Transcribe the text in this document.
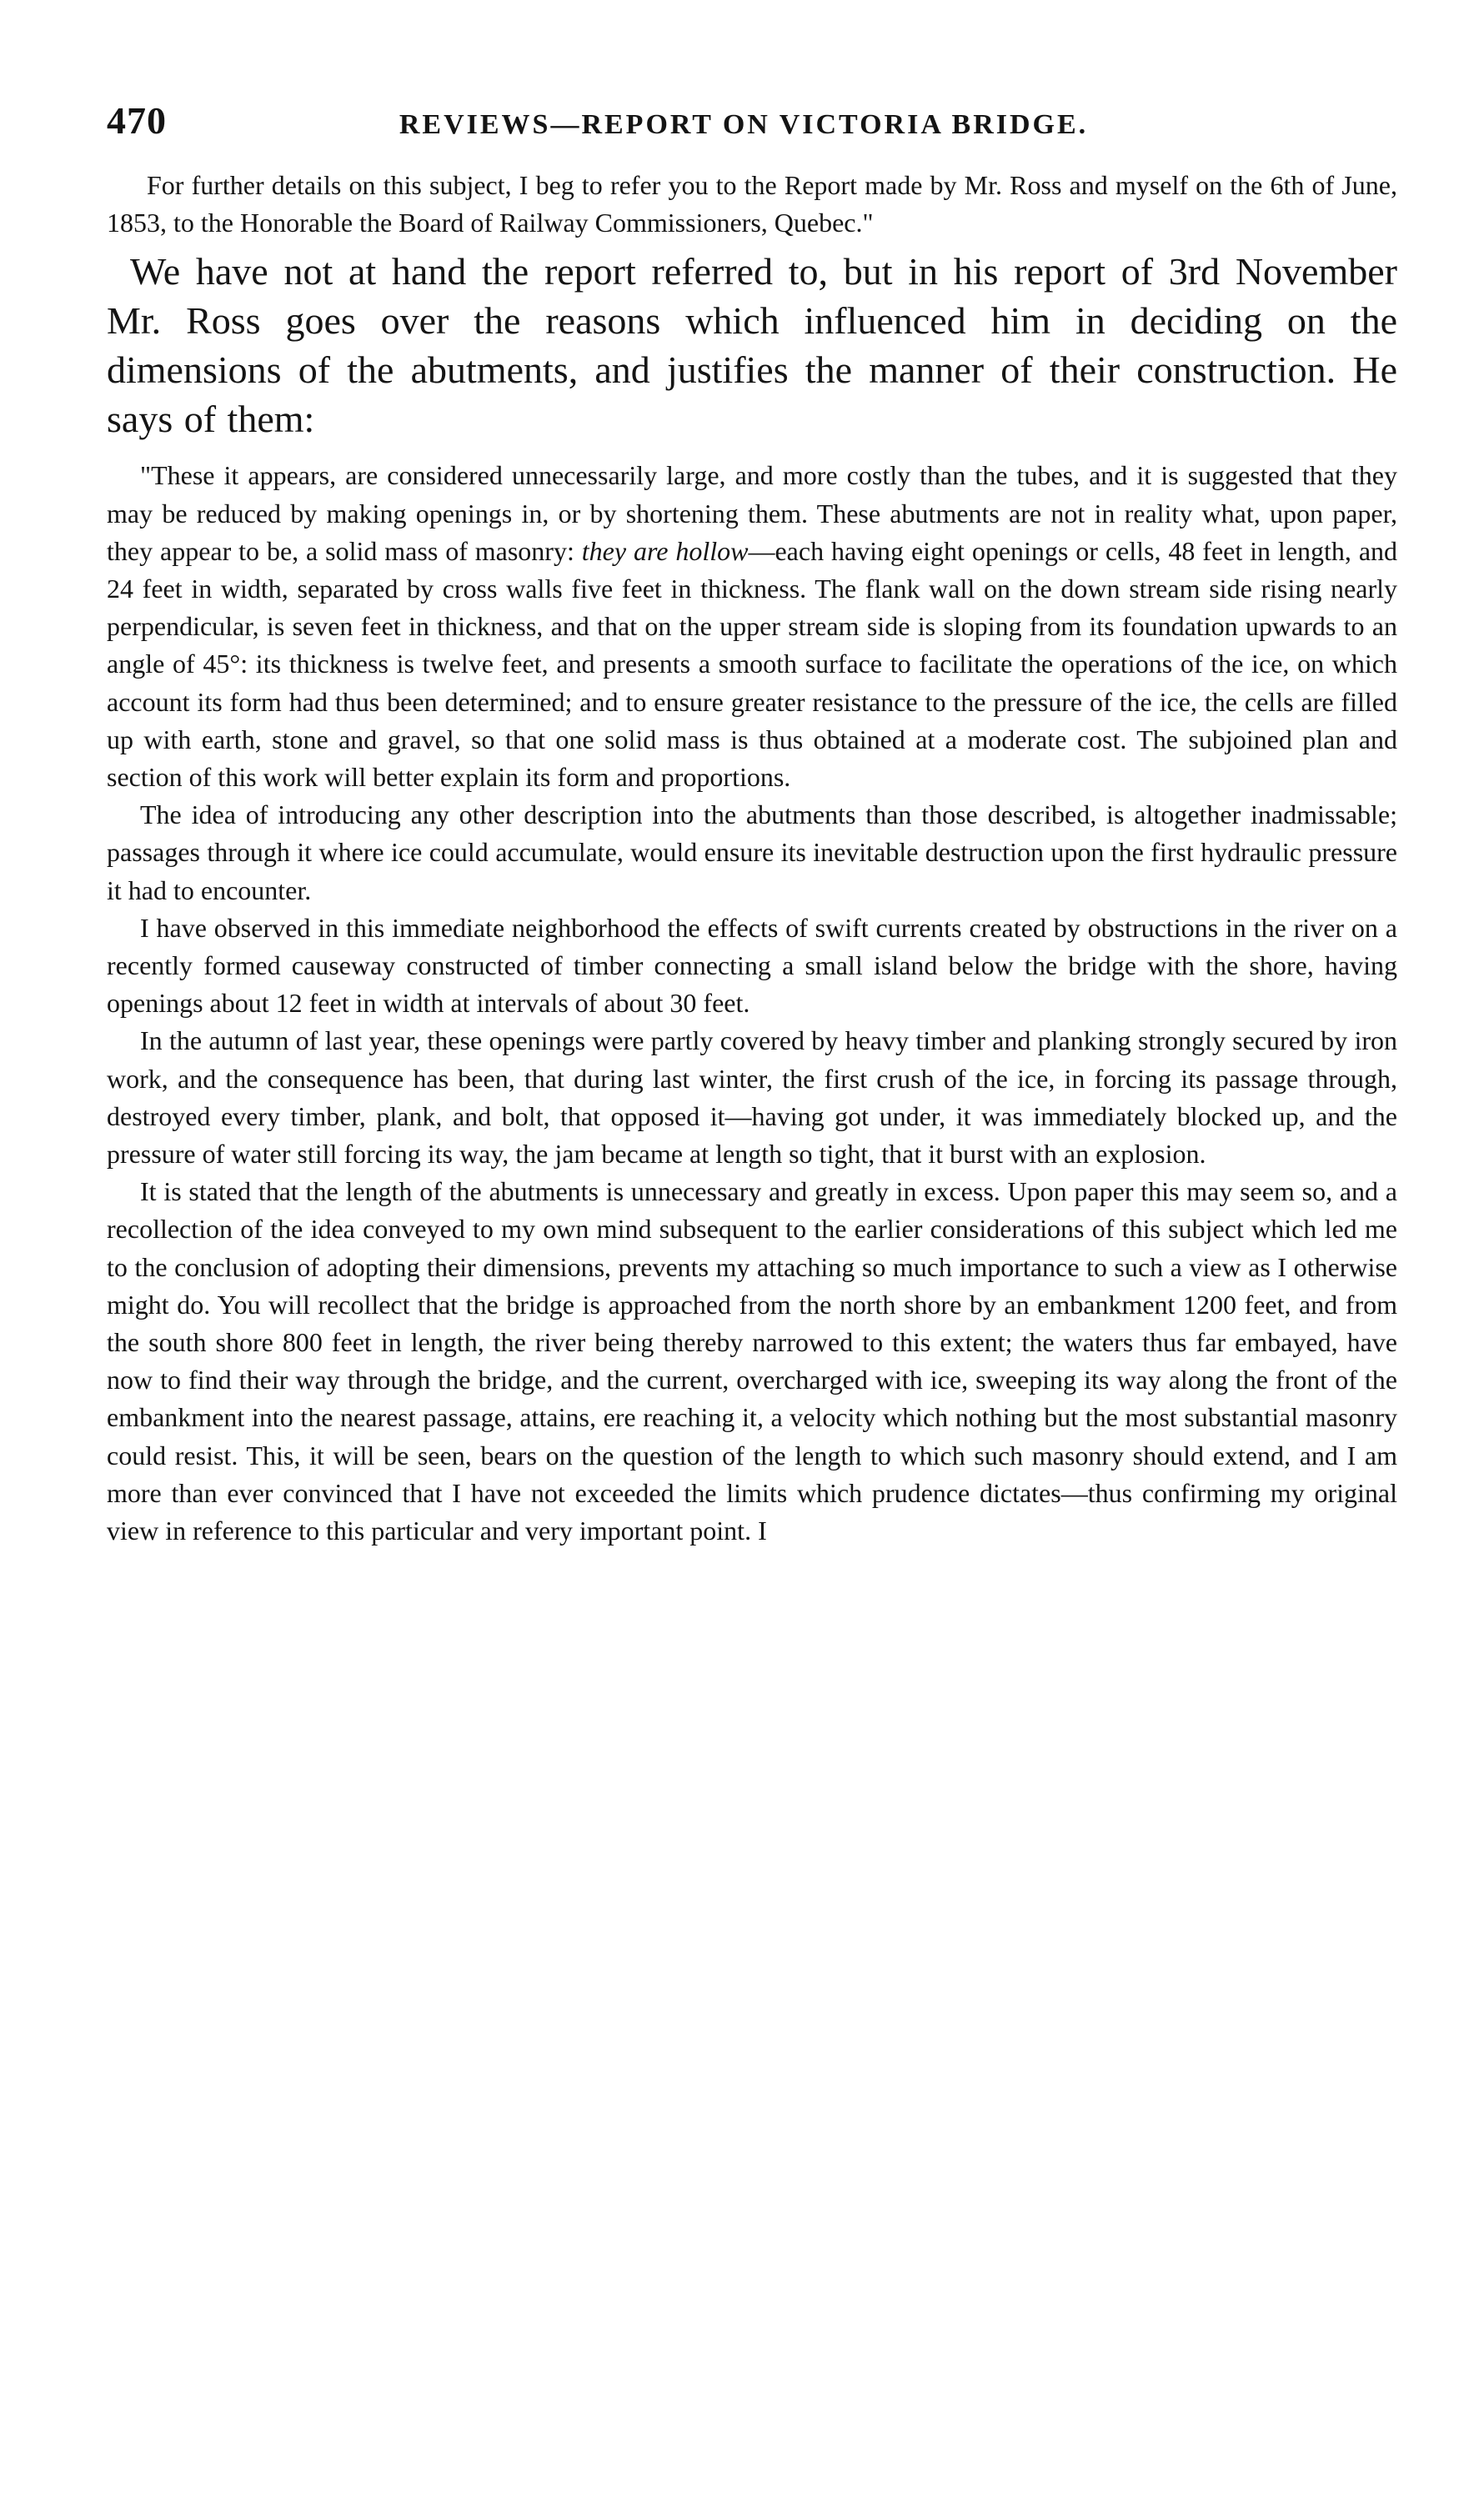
470	REVIEWS—REPORT ON VICTORIA BRIDGE.

For further details on this subject, I beg to refer you to the Report made by Mr. Ross and myself on the 6th of June, 1853, to the Honorable the Board of Railway Commissioners, Quebec."

We have not at hand the report referred to, but in his report of 3rd November Mr. Ross goes over the reasons which influenced him in deciding on the dimensions of the abutments, and justifies the manner of their construction. He says of them:

"These it appears, are considered unnecessarily large, and more costly than the tubes, and it is suggested that they may be reduced by making openings in, or by shortening them. These abutments are not in reality what, upon paper, they appear to be, a solid mass of masonry: they are hollow—each having eight openings or cells, 48 feet in length, and 24 feet in width, separated by cross walls five feet in thickness. The flank wall on the down stream side rising nearly perpendicular, is seven feet in thickness, and that on the upper stream side is sloping from its foundation upwards to an angle of 45°: its thickness is twelve feet, and presents a smooth surface to facilitate the operations of the ice, on which account its form had thus been determined; and to ensure greater resistance to the pressure of the ice, the cells are filled up with earth, stone and gravel, so that one solid mass is thus obtained at a moderate cost. The subjoined plan and section of this work will better explain its form and proportions.

The idea of introducing any other description into the abutments than those described, is altogether inadmissable; passages through it where ice could accumulate, would ensure its inevitable destruction upon the first hydraulic pressure it had to encounter.

I have observed in this immediate neighborhood the effects of swift currents created by obstructions in the river on a recently formed causeway constructed of timber connecting a small island below the bridge with the shore, having openings about 12 feet in width at intervals of about 30 feet.

In the autumn of last year, these openings were partly covered by heavy timber and planking strongly secured by iron work, and the consequence has been, that during last winter, the first crush of the ice, in forcing its passage through, destroyed every timber, plank, and bolt, that opposed it—having got under, it was immediately blocked up, and the pressure of water still forcing its way, the jam became at length so tight, that it burst with an explosion.

It is stated that the length of the abutments is unnecessary and greatly in excess. Upon paper this may seem so, and a recollection of the idea conveyed to my own mind subsequent to the earlier considerations of this subject which led me to the conclusion of adopting their dimensions, prevents my attaching so much importance to such a view as I otherwise might do. You will recollect that the bridge is approached from the north shore by an embankment 1200 feet, and from the south shore 800 feet in length, the river being thereby narrowed to this extent; the waters thus far embayed, have now to find their way through the bridge, and the current, overcharged with ice, sweeping its way along the front of the embankment into the nearest passage, attains, ere reaching it, a velocity which nothing but the most substantial masonry could resist. This, it will be seen, bears on the question of the length to which such masonry should extend, and I am more than ever convinced that I have not exceeded the limits which prudence dictates—thus confirming my original view in reference to this particular and very important point. I
